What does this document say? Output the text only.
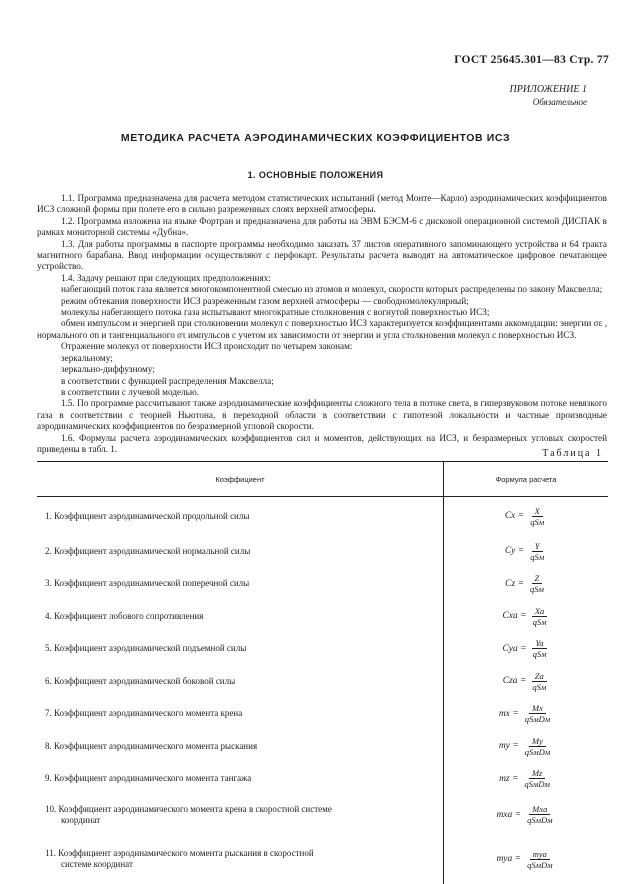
ГОСТ 25645.301—83 Стр. 77
ПРИЛОЖЕНИЕ 1
Обязательное
МЕТОДИКА РАСЧЕТА АЭРОДИНАМИЧЕСКИХ КОЭФФИЦИЕНТОВ ИСЗ
1. ОСНОВНЫЕ ПОЛОЖЕНИЯ

1.1. Программа предназначена для расчета методом статистических испытаний (метод Монте—Карло) аэродинамических коэффициентов ИСЗ сложной формы при полете его в сильно разреженных слоях верхней атмосферы.

1.2. Программа изложена на языке Фортран и предназначена для работы на ЭВМ БЭСМ-6 с дисковой операционной системой ДИСПАК в рамках мониторной системы «Дубна».

1.3. Для работы программы в паспорте программы необходимо заказать 37 листов оперативного запоминающего устройства и 64 тракта магнитного барабана. Ввод информации осуществляют с перфокарт. Результаты расчета выводят на автоматическое цифровое печатающее устройство.

1.4. Задачу решают при следующих предположениях:

набегающий поток газа является многокомпонентной смесью из атомов и молекул, скорости которых распределены по закону Максвелла;

режим обтекания поверхности ИСЗ разреженным газом верхней атмосферы — свободномолекулярный;

молекулы набегающего потока газа испытывают многократные столкновения с вогнутой поверхностью ИСЗ;

обмен импульсом и энергией при столкновении молекул с поверхностью ИСЗ характеризуется коэффициентами аккомодации: энергии σε , нормального σn и тангенциального στ импульсов с учетом их зависимости от энергии и угла столкновения молекул с поверхностью ИСЗ.

Отражение молекул от поверхности ИСЗ происходит по четырем законам:

зеркальному;

зеркально-диффузному;

в соответствии с функцией распределения Максвелла;

в соответствии с лучевой моделью.

1.5. По программе рассчитывают также аэродинамические коэффициенты сложного тела в потоке света, в гиперзвуковом потоке невязкого газа в соответствии с теорией Ньютона, в переходной области в соответствии с гипотезой локальности и частные производные аэродинамических коэффициентов по безразмерной угловой скорости.

1.6. Формулы расчета аэродинамических коэффициентов сил и моментов, действующих на ИСЗ, и безразмерных угловых скоростей приведены в табл. 1.	Таблица 1
Коэффициент	Формула расчета
1. Коэффициент аэродинамической продольной силы	$Cx = \frac{X}{\text{qSм}}$

2. Коэффициент аэродинамической нормальной силы	$Cy = \frac{Y}{\text{qSм}}$

3. Коэффициент аэродинамической поперечной силы	$Cz = \frac{Z}{\text{qSм}}$

4. Коэффициент лобового сопротивления	Cxa = $\frac{Xa}{\text{qSм}}$

5. Коэффициент аэродинамической подъемной силы	Cya = $\frac{Ya}{\text{qSм}}$

6. Коэффициент аэродинамической боковой силы	Cza = $\frac{Za}{\text{qSм}}$

7. Коэффициент аэродинамического момента крена	mx = $\frac{Mx}{\text{qSмDм}}$

8. Коэффициент аэродинамического момента рыскания	my = $\frac{My}{\text{qSмDм}}$

9. Коэффициент аэродинамического момента тангажа	mz = $\frac{Mz}{\text{qSмDм}}$

10. Коэффициент аэродинамического момента крена в скоростной системе
координат	mxa = $\frac{\text{Mxa}}{\text{qSмDм}}$

11. Коэффициент аэродинамического момента рыскания в скоростной
системе координат	mya = $\frac{\text{mya}}{\text{qSмDм}}$
